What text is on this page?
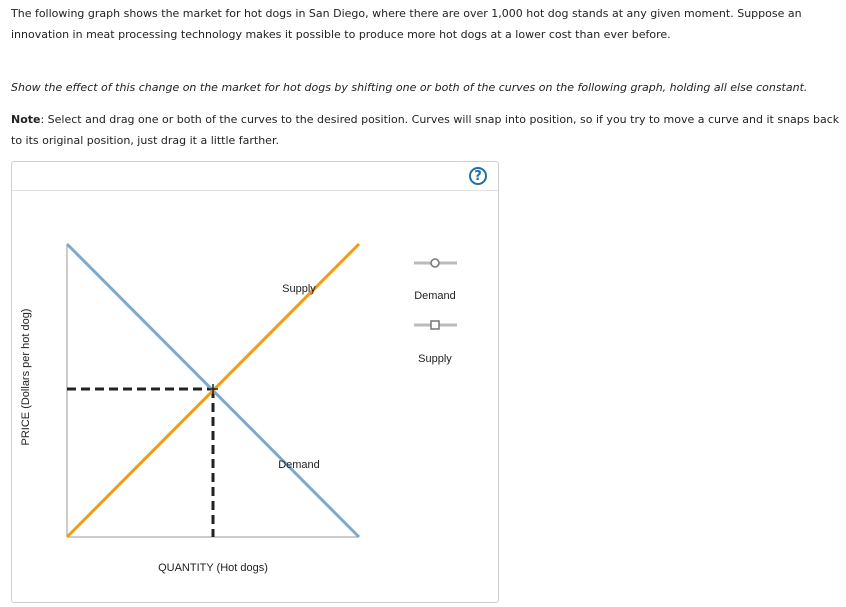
The following graph shows the market for hot dogs in San Diego, where there are over 1,000 hot dog stands at any given moment. Suppose an innovation in meat processing technology makes it possible to produce more hot dogs at a lower cost than ever before.

Show the effect of this change on the market for hot dogs by shifting one or both of the curves on the following graph, holding all else constant.

Note: Select and drag one or both of the curves to the desired position. Curves will snap into position, so if you try to move a curve and it snaps back to its original position, just drag it a little farther.

?
PRICE (Dollars per hot dog)
Supply
Demand
QUANTITY (Hot dogs)
Demand
Supply
